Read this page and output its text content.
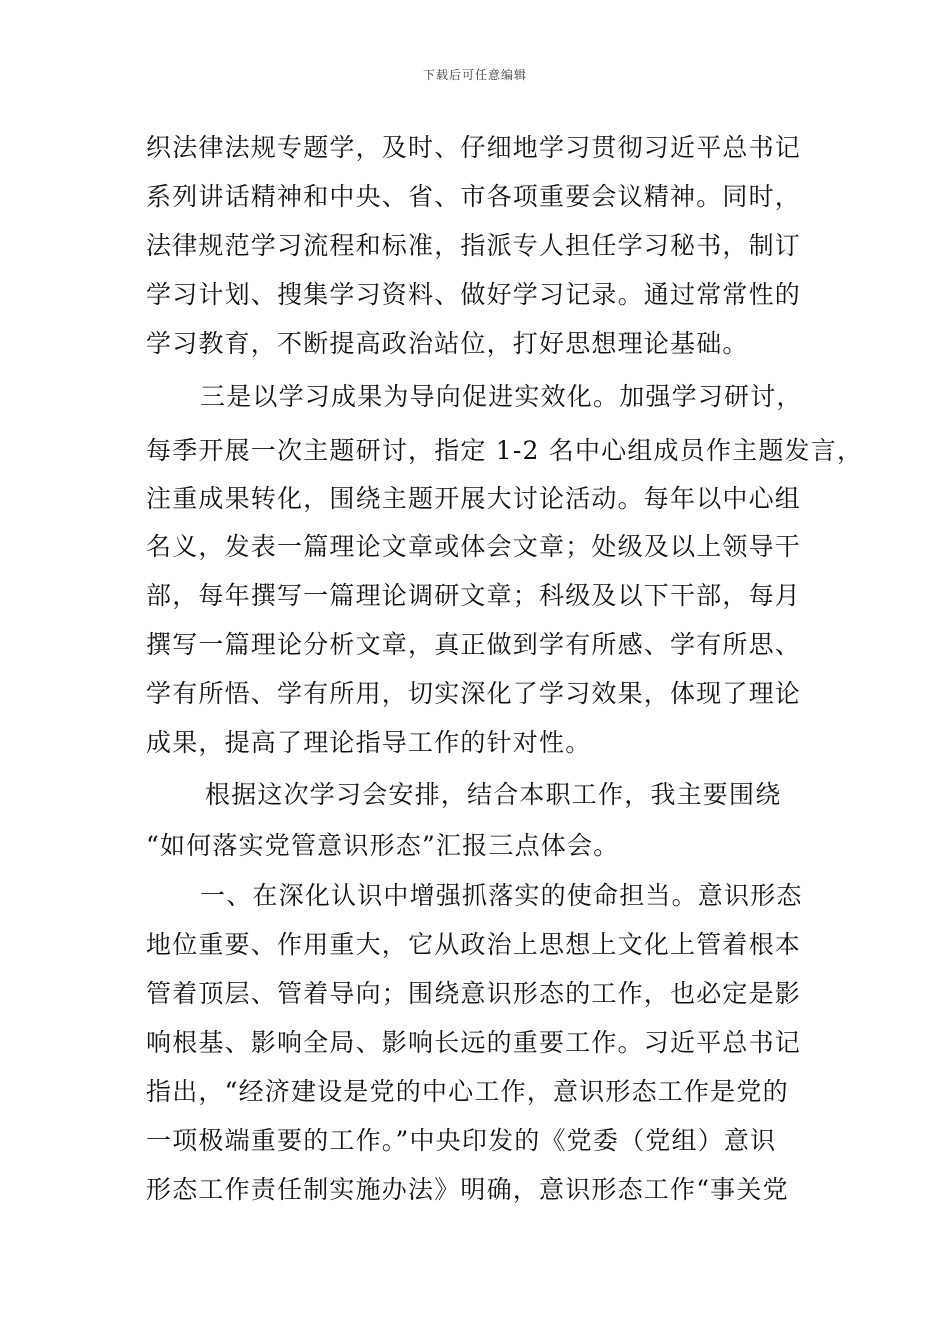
下载后可任意编辑
织法律法规专题学，及时、仔细地学习贯彻习近平总书记
系列讲话精神和中央、省、市各项重要会议精神。同时，
法律规范学习流程和标准，指派专人担任学习秘书，制订
学习计划、搜集学习资料、做好学习记录。通过常常性的
学习教育，不断提高政治站位，打好思想理论基础。
三是以学习成果为导向促进实效化。加强学习研讨，
每季开展一次主题研讨，指定 1-2 名中心组成员作主题发言，
注重成果转化，围绕主题开展大讨论活动。每年以中心组
名义，发表一篇理论文章或体会文章；处级及以上领导干
部，每年撰写一篇理论调研文章；科级及以下干部，每月
撰写一篇理论分析文章，真正做到学有所感、学有所思、
学有所悟、学有所用，切实深化了学习效果，体现了理论
成果，提高了理论指导工作的针对性。
根据这次学习会安排，结合本职工作，我主要围绕
“如何落实党管意识形态”汇报三点体会。
一、在深化认识中增强抓落实的使命担当。意识形态
地位重要、作用重大，它从政治上思想上文化上管着根本
管着顶层、管着导向；围绕意识形态的工作，也必定是影
响根基、影响全局、影响长远的重要工作。习近平总书记
指出，“经济建设是党的中心工作，意识形态工作是党的
一项极端重要的工作。”中央印发的《党委（党组）意识
形态工作责任制实施办法》明确，意识形态工作“事关党
